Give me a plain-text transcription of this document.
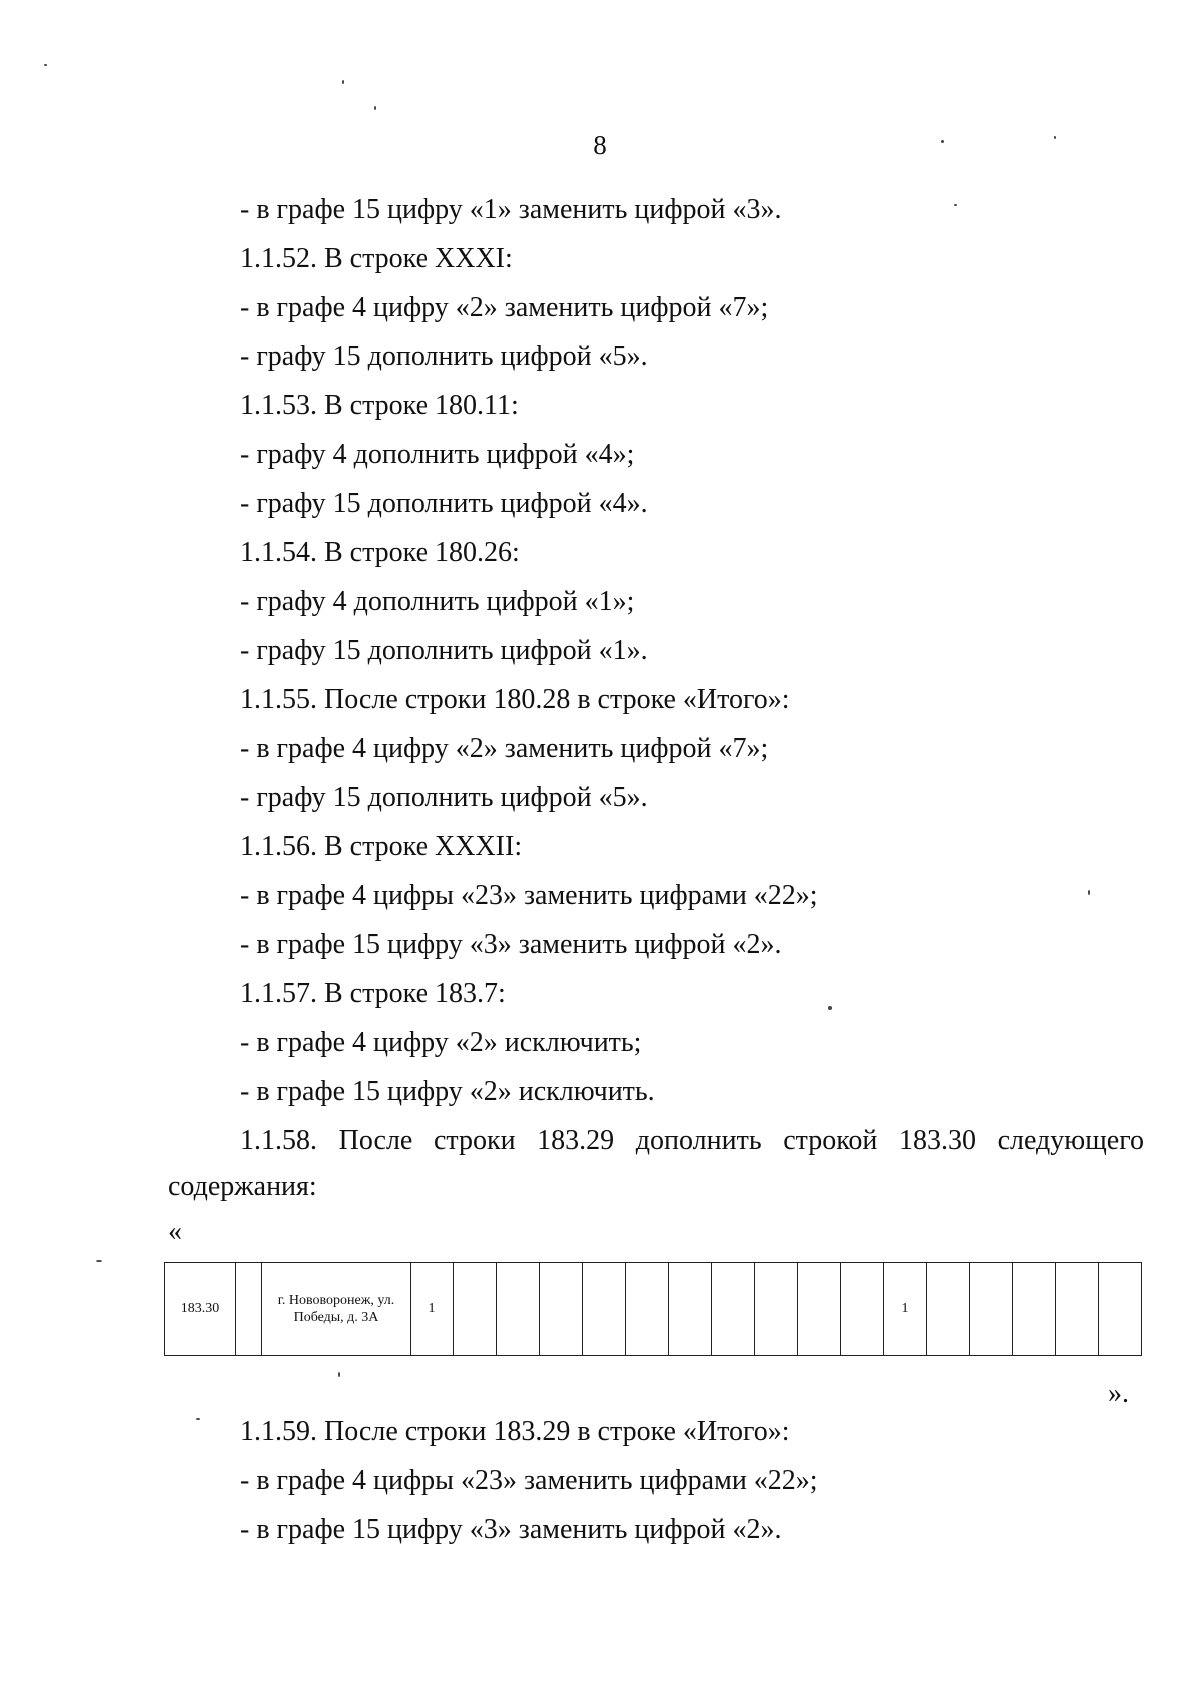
8
- в графе 15 цифру «1» заменить цифрой «3».
1.1.52. В строке XXXI:
- в графе 4 цифру «2» заменить цифрой «7»;
- графу 15 дополнить цифрой «5».
1.1.53. В строке 180.11:
- графу 4 дополнить цифрой «4»;
- графу 15 дополнить цифрой «4».
1.1.54. В строке 180.26:
- графу 4 дополнить цифрой «1»;
- графу 15 дополнить цифрой «1».
1.1.55. После строки 180.28 в строке «Итого»:
- в графе 4 цифру «2» заменить цифрой «7»;
- графу 15 дополнить цифрой «5».
1.1.56. В строке XXXII:
- в графе 4 цифры «23» заменить цифрами «22»;
- в графе 15 цифру «3» заменить цифрой «2».
1.1.57. В строке 183.7:
- в графе 4 цифру «2» исключить;
- в графе 15 цифру «2» исключить.
1.1.58. После строки 183.29 дополнить строкой 183.30 следующего
содержания:
«
183.30		г. Нововоронеж, ул. Победы, д. 3А	1											1					
».
1.1.59. После строки 183.29 в строке «Итого»:
- в графе 4 цифры «23» заменить цифрами «22»;
- в графе 15 цифру «3» заменить цифрой «2».
